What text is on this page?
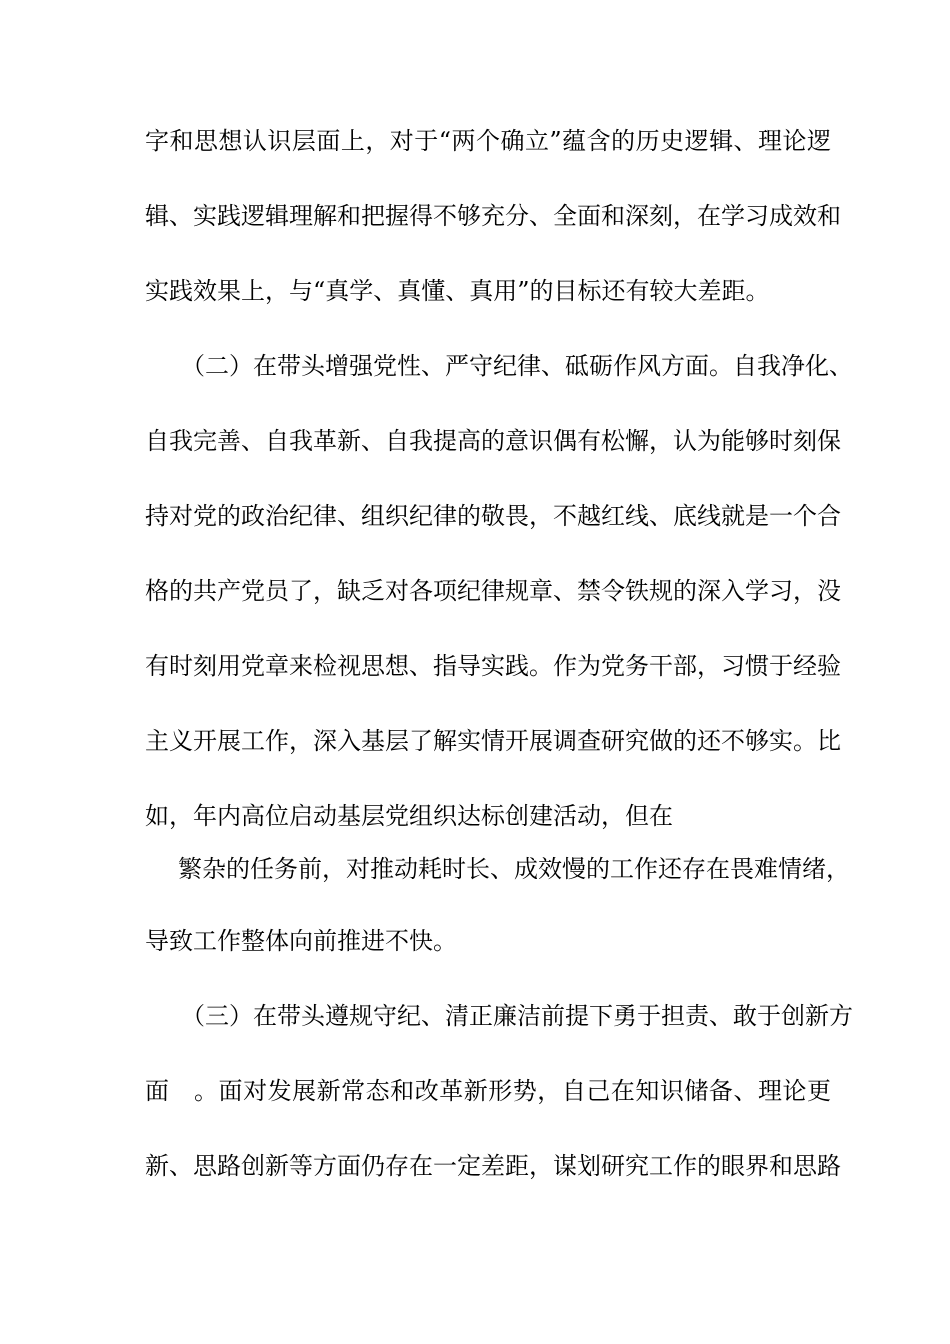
字和思想认识层面上，对于“两个确立”蕴含的历史逻辑、理论逻
辑、实践逻辑理解和把握得不够充分、全面和深刻，在学习成效和
实践效果上，与“真学、真懂、真用”的目标还有较大差距。
（二）在带头增强党性、严守纪律、砥砺作风方面。自我净化、
自我完善、自我革新、自我提高的意识偶有松懈，认为能够时刻保
持对党的政治纪律、组织纪律的敬畏，不越红线、底线就是一个合
格的共产党员了，缺乏对各项纪律规章、禁令铁规的深入学习，没
有时刻用党章来检视思想、指导实践。作为党务干部，习惯于经验
主义开展工作，深入基层了解实情开展调查研究做的还不够实。比
如，年内高位启动基层党组织达标创建活动，但在
繁杂的任务前，对推动耗时长、成效慢的工作还存在畏难情绪，
导致工作整体向前推进不快。
（三）在带头遵规守纪、清正廉洁前提下勇于担责、敢于创新方
面　。面对发展新常态和改革新形势，自己在知识储备、理论更
新、思路创新等方面仍存在一定差距，谋划研究工作的眼界和思路
